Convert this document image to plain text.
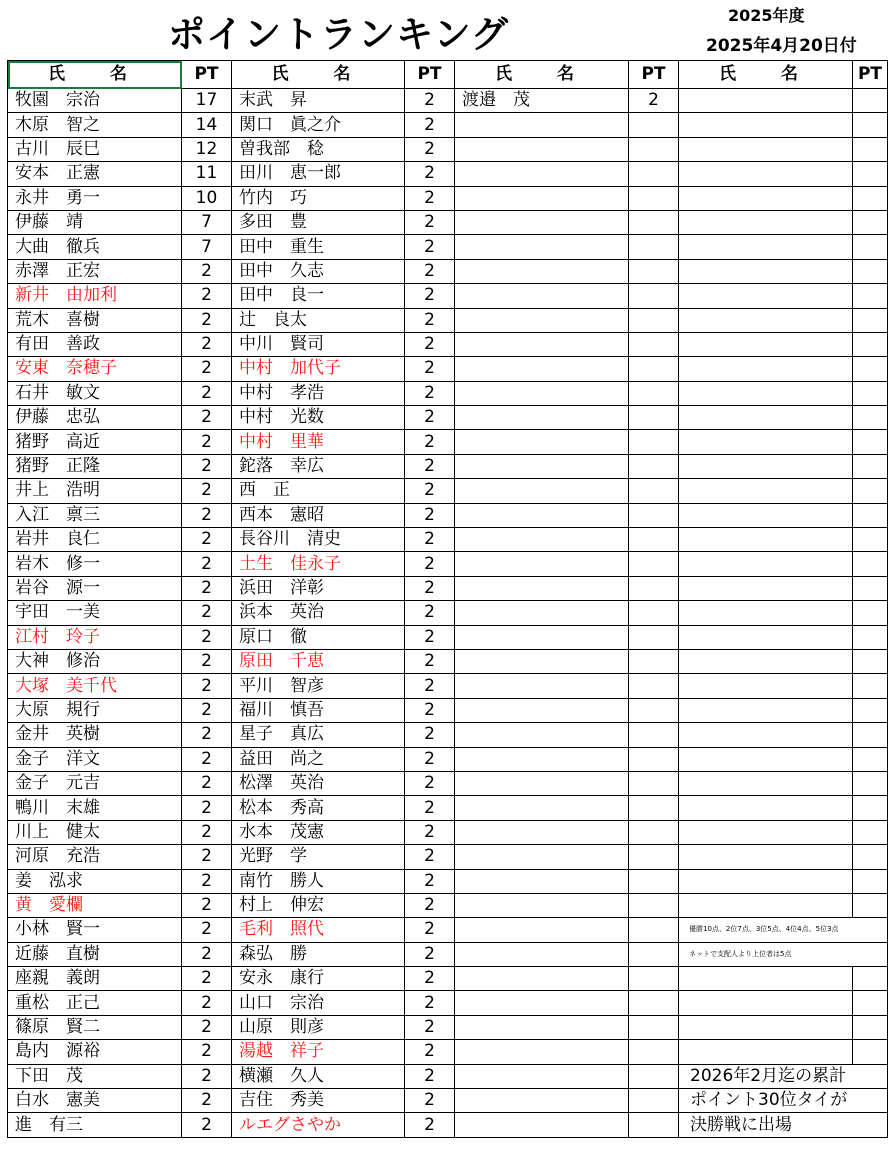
ポイントランキング	2025年度
2025年4月20日付
氏　名	PT	氏　名	PT	氏　名	PT	氏　名	PT
牧園　宗治	17	末武　昇	2	渡邉　茂	2		
木原　智之	14	関口　眞之介	2				
古川　辰巳	12	曽我部　稔	2				
安本　正憲	11	田川　恵一郎	2				
永井　勇一	10	竹内　巧	2				
伊藤　靖	7	多田　豊	2				
大曲　徹兵	7	田中　重生	2				
赤澤　正宏	2	田中　久志	2				
新井　由加利	2	田中　良一	2				
荒木　喜樹	2	辻　良太	2				
有田　善政	2	中川　賢司	2				
安東　奈穂子	2	中村　加代子	2				
石井　敏文	2	中村　孝浩	2				
伊藤　忠弘	2	中村　光数	2				
猪野　高近	2	中村　里華	2				
猪野　正隆	2	鉈落　幸広	2				
井上　浩明	2	西　正	2				
入江　禀三	2	西本　憲昭	2				
岩井　良仁	2	長谷川　清史	2				
岩木　修一	2	土生　佳永子	2				
岩谷　源一	2	浜田　洋彰	2				
宇田　一美	2	浜本　英治	2				
江村　玲子	2	原口　徹	2				
大神　修治	2	原田　千恵	2				
大塚　美千代	2	平川　智彦	2				
大原　規行	2	福川　慎吾	2				
金井　英樹	2	星子　真広	2				
金子　洋文	2	益田　尚之	2				
金子　元吉	2	松澤　英治	2				
鴨川　末雄	2	松本　秀高	2				
川上　健太	2	水本　茂憲	2				
河原　充浩	2	光野　学	2				
姜　泓求	2	南竹　勝人	2				
黄　愛欄	2	村上　伸宏	2				
小林　賢一	2	毛利　照代	2			優勝10点、2位7点、3位5点、4位4点、5位3点	
近藤　直樹	2	森弘　勝	2			ネットで支配人より上位者は5点	
座親　義朗	2	安永　康行	2				
重松　正己	2	山口　宗治	2				
篠原　賢二	2	山原　則彦	2				
島内　源裕	2	湯越　祥子	2				
下田　茂	2	横瀬　久人	2			2026年2月迄の累計	
白水　憲美	2	吉住　秀美	2			ポイント30位タイが	
進　有三	2	ルエグさやか	2			決勝戦に出場	
